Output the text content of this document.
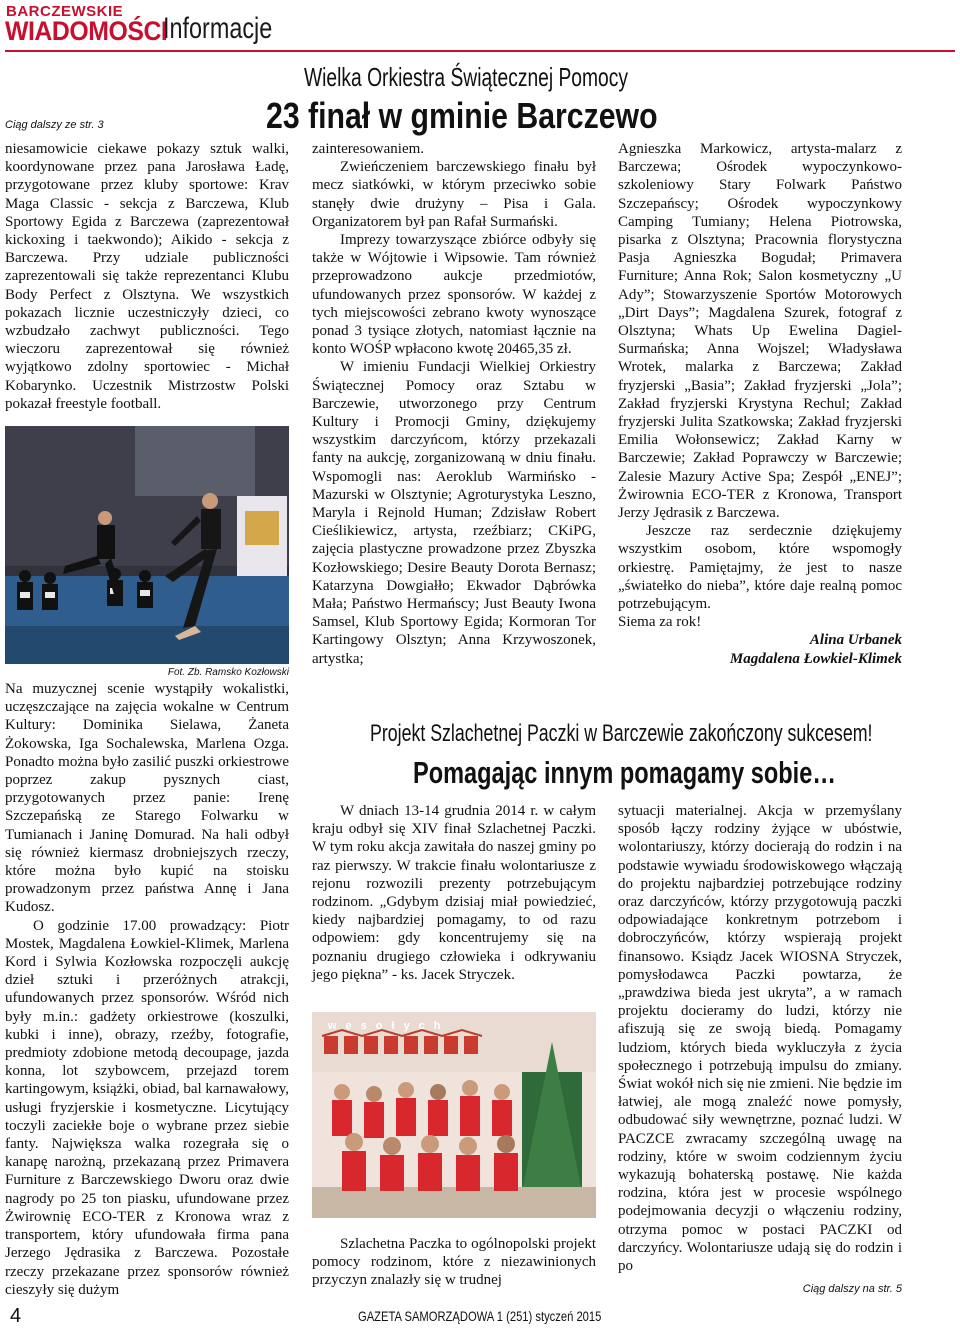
BARCZEWSKIE
WIADOMOŚCI
Informacje
Wielka Orkiestra Świątecznej Pomocy
23 finał w gminie Barczewo
Ciąg dalszy ze str. 3

niesamowicie ciekawe pokazy sztuk walki, koordynowane przez pana Jarosława Ładę, przygotowane przez kluby sportowe: Krav Maga Classic - sekcja z Barczewa, Klub Sportowy Egida z Barczewa (zaprezentował kickoxing i taekwondo); Aikido - sekcja z Barczewa. Przy udziale publiczności zaprezentowali się także reprezentanci Klubu Body Perfect z Olsztyna. We wszystkich pokazach licznie uczestniczyły dzieci, co wzbudzało zachwyt publiczności. Tego wieczoru zaprezentował się również wyjątkowo zdolny sportowiec - Michał Kobarynko. Uczestnik Mistrzostw Polski pokazał freestyle football.

Fot. Zb. Ramsko Kozłowski

Na muzycznej scenie wystąpiły wokalistki, uczęszczające na zajęcia wokalne w Centrum Kultury: Dominika Sielawa, Żaneta Żokowska, Iga Sochalewska, Marlena Ozga. Ponadto można było zasilić puszki orkiestrowe poprzez zakup pysznych ciast, przygotowanych przez panie: Irenę Szczepańską ze Starego Folwarku w Tumianach i Janinę Domurad. Na hali odbył się również kiermasz drobniejszych rzeczy, które można było kupić na stoisku prowadzonym przez państwa Annę i Jana Kudosz.

O godzinie 17.00 prowadzący: Piotr Mostek, Magdalena Łowkiel-Klimek, Marlena Kord i Sylwia Kozłowska rozpoczęli aukcję dzieł sztuki i przeróżnych atrakcji, ufundowanych przez sponsorów. Wśród nich były m.in.: gadżety orkiestrowe (koszulki, kubki i inne), obrazy, rzeźby, fotografie, predmioty zdobione metodą decoupage, jazda konna, lot szybowcem, przejazd torem kartingowym, książki, obiad, bal karnawałowy, usługi fryzjerskie i kosmetyczne. Licytujący toczyli zaciekłe boje o wybrane przez siebie fanty. Największa walka rozegrała się o kanapę narożną, przekazaną przez Primavera Furniture z Barczewskiego Dworu oraz dwie nagrody po 25 ton piasku, ufundowane przez Żwirownię ECO-TER z Kronowa wraz z transportem, który ufundowała firma pana Jerzego Jędrasika z Barczewa. Pozostałe rzeczy przekazane przez sponsorów również cieszyły się dużym

zainteresowaniem.

Zwieńczeniem barczewskiego finału był mecz siatkówki, w którym przeciwko sobie stanęły dwie drużyny – Pisa i Gala. Organizatorem był pan Rafał Surmański.

Imprezy towarzyszące zbiórce odbyły się także w Wójtowie i Wipsowie. Tam również przeprowadzono aukcje przedmiotów, ufundowanych przez sponsorów. W każdej z tych miejscowości zebrano kwoty wynoszące ponad 3 tysiące złotych, natomiast łącznie na konto WOŚP wpłacono kwotę 20465,35 zł.

W imieniu Fundacji Wielkiej Orkiestry Świątecznej Pomocy oraz Sztabu w Barczewie, utworzonego przy Centrum Kultury i Promocji Gminy, dziękujemy wszystkim darczyńcom, którzy przekazali fanty na aukcję, zorganizowaną w dniu finału. Wspomogli nas: Aeroklub Warmińsko -Mazurski w Olsztynie; Agroturystyka Leszno, Maryla i Rejnold Human; Zdzisław Robert Cieślikiewicz, artysta, rzeźbiarz; CKiPG, zajęcia plastyczne prowadzone przez Zbyszka Kozłowskiego; Desire Beauty Dorota Bernasz; Katarzyna Dowgiałło; Ekwador Dąbrówka Mała; Państwo Hermańscy; Just Beauty Iwona Samsel, Klub Sportowy Egida; Kormoran Tor Kartingowy Olsztyn; Anna Krzywoszonek, artystka;

Agnieszka Markowicz, artysta-malarz z Barczewa; Ośrodek wypoczynkowo-szkoleniowy Stary Folwark Państwo Szczepańscy; Ośrodek wypoczynkowy Camping Tumiany; Helena Piotrowska, pisarka z Olsztyna; Pracownia florystyczna Pasja Agnieszka Bogudał; Primavera Furniture; Anna Rok; Salon kosmetyczny „U Ady”; Stowarzyszenie Sportów Motorowych „Dirt Days”; Magdalena Szurek, fotograf z Olsztyna; Whats Up Ewelina Dagiel-Surmańska; Anna Wojszel; Władysława Wrotek, malarka z Barczewa; Zakład fryzjerski „Basia”; Zakład fryzjerski „Jola”; Zakład fryzjerski Krystyna Rechul; Zakład fryzjerski Julita Szatkowska; Zakład fryzjerski Emilia Wołonsewicz; Zakład Karny w Barczewie; Zakład Poprawczy w Barczewie; Zalesie Mazury Active Spa; Zespół „ENEJ”; Żwirownia ECO-TER z Kronowa, Transport Jerzy Jędrasik z Barczewa.

Jeszcze raz serdecznie dziękujemy wszystkim osobom, które wspomogły orkiestrę. Pamiętajmy, że jest to nasze „światełko do nieba”, które daje realną pomoc potrzebującym.

Siema za rok!

Alina Urbanek
Magdalena Łowkiel-Klimek
Projekt Szlachetnej Paczki w Barczewie zakończony sukcesem!
Pomagając innym pomagamy sobie…

W dniach 13-14 grudnia 2014 r. w całym kraju odbył się XIV finał Szlachetnej Paczki. W tym roku akcja zawitała do naszej gminy po raz pierwszy. W trakcie finału wolontariusze z rejonu rozwozili prezenty potrzebującym rodzinom. „Gdybym dzisiaj miał powiedzieć, kiedy najbardziej pomagamy, to od razu odpowiem: gdy koncentrujemy się na poznaniu drugiego człowieka i odkrywaniu jego piękna” - ks. Jacek Stryczek.

wesołych

Szlachetna Paczka to ogólnopolski projekt pomocy rodzinom, które z niezawinionych przyczyn znalazły się w trudnej

sytuacji materialnej. Akcja w przemyślany sposób łączy rodziny żyjące w ubóstwie, wolontariuszy, którzy docierają do rodzin i na podstawie wywiadu środowiskowego włączają do projektu najbardziej potrzebujące rodziny oraz darczyńców, którzy przygotowują paczki odpowiadające konkretnym potrzebom i dobroczyńców, którzy wspierają projekt finansowo. Ksiądz Jacek WIOSNA Stryczek, pomysłodawca Paczki powtarza, że „prawdziwa bieda jest ukryta”, a w ramach projektu docieramy do ludzi, którzy nie afiszują się ze swoją biedą. Pomagamy ludziom, których bieda wykluczyła z życia społecznego i potrzebują impulsu do zmiany. Świat wokół nich się nie zmieni. Nie będzie im łatwiej, ale mogą znaleźć nowe pomysły, odbudować siły wewnętrzne, poznać ludzi. W PACZCE zwracamy szczególną uwagę na rodziny, które w swoim codziennym życiu wykazują bohaterską postawę. Nie każda rodzina, która jest w procesie wspólnego podejmowania decyzji o włączeniu rodziny, otrzyma pomoc w postaci PACZKI od darczyńcy. Wolontariusze udają się do rodzin i po

Ciąg dalszy na str. 5
4	GAZETA SAMORZĄDOWA 1 (251) styczeń 2015
